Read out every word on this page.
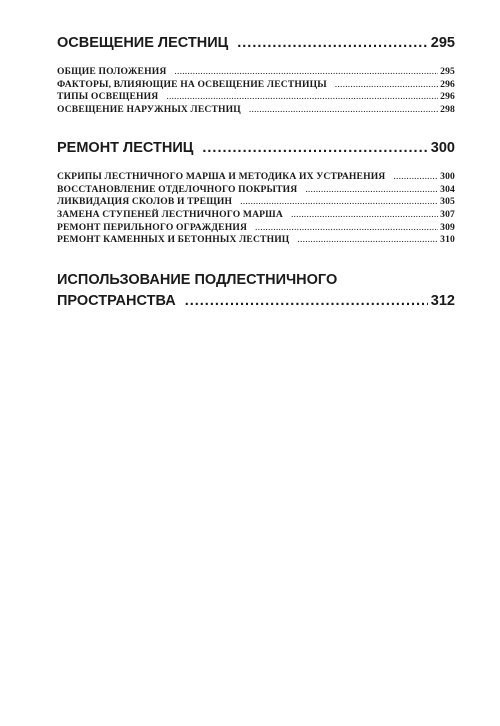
ОСВЕЩЕНИЕ ЛЕСТНИЦ .....	295
ОБЩИЕ ПОЛОЖЕНИЯ .....	295
ФАКТОРЫ, ВЛИЯЮЩИЕ НА ОСВЕЩЕНИЕ ЛЕСТНИЦЫ .....	296
ТИПЫ ОСВЕЩЕНИЯ .....	296
ОСВЕЩЕНИЕ НАРУЖНЫХ ЛЕСТНИЦ .....	298
РЕМОНТ ЛЕСТНИЦ .....	300
СКРИПЫ ЛЕСТНИЧНОГО МАРША И МЕТОДИКА ИХ УСТРАНЕНИЯ .....	300
ВОССТАНОВЛЕНИЕ ОТДЕЛОЧНОГО ПОКРЫТИЯ .....	304
ЛИКВИДАЦИЯ СКОЛОВ И ТРЕЩИН .....	305
ЗАМЕНА СТУПЕНЕЙ ЛЕСТНИЧНОГО МАРША .....	307
РЕМОНТ ПЕРИЛЬНОГО ОГРАЖДЕНИЯ .....	309
РЕМОНТ КАМЕННЫХ И БЕТОННЫХ ЛЕСТНИЦ .....	310
ИСПОЛЬЗОВАНИЕ ПОДЛЕСТНИЧНОГО
ПРОСТРАНСТВА .....	312
